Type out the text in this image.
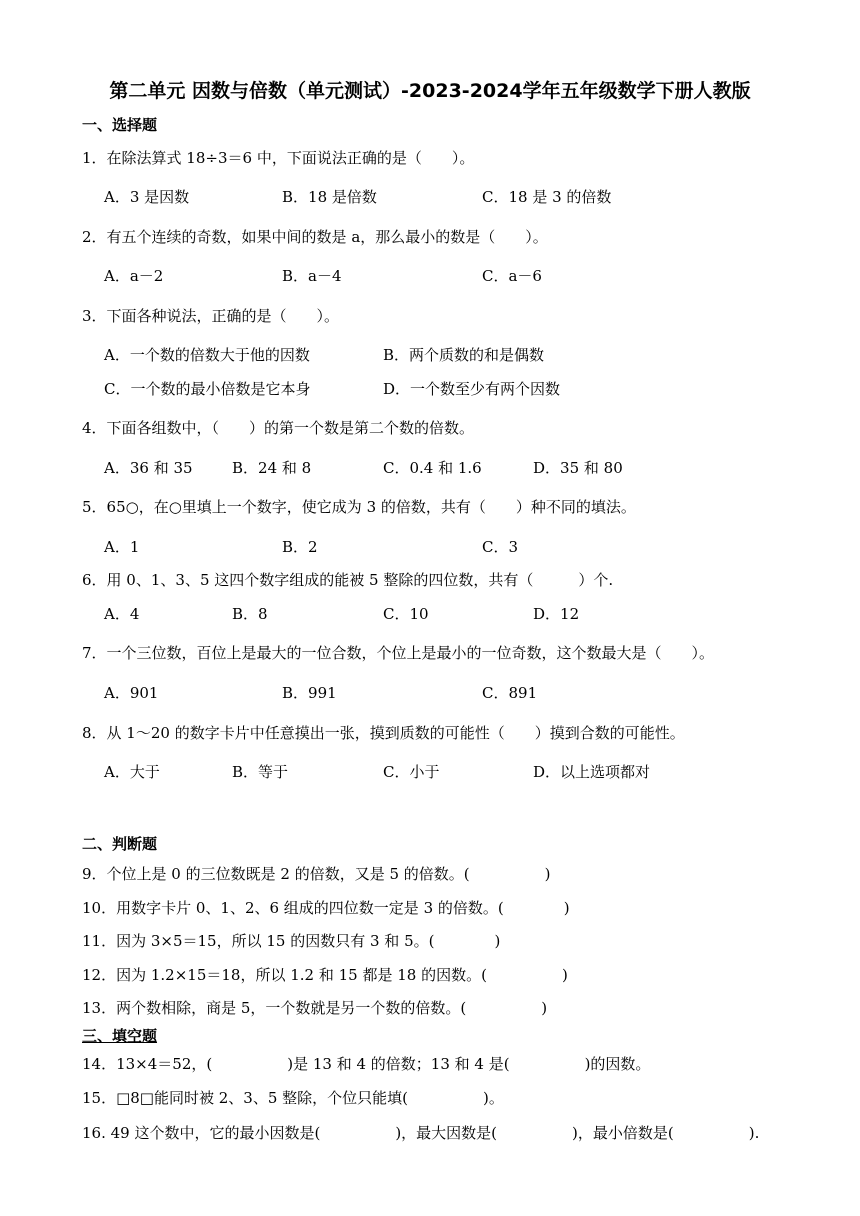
第二单元 因数与倍数（单元测试）-2023-2024学年五年级数学下册人教版
一、选择题
1．在除法算式 18÷3＝6 中，下面说法正确的是（　　）。
A．3 是因数	B．18 是倍数	C．18 是 3 的倍数
2．有五个连续的奇数，如果中间的数是 a，那么最小的数是（　　）。
A．a－2	B．a－4	C．a－6
3．下面各种说法，正确的是（　　）。
A．一个数的倍数大于他的因数	B．两个质数的和是偶数
C．一个数的最小倍数是它本身	D．一个数至少有两个因数
4．下面各组数中，（　　）的第一个数是第二个数的倍数。
A．36 和 35	B．24 和 8	C．0.4 和 1.6	D．35 和 80
5．65○，在○里填上一个数字，使它成为 3 的倍数，共有（　　）种不同的填法。
A．1	B．2	C．3
6．用 0、1、3、5 这四个数字组成的能被 5 整除的四位数，共有（　　　）个.
A．4	B．8	C．10	D．12
7．一个三位数，百位上是最大的一位合数，个位上是最小的一位奇数，这个数最大是（　　）。
A．901	B．991	C．891
8．从 1～20 的数字卡片中任意摸出一张，摸到质数的可能性（　　）摸到合数的可能性。
A．大于	B．等于	C．小于	D．以上选项都对
二、判断题
9．个位上是 0 的三位数既是 2 的倍数，又是 5 的倍数。(　　　　　)
10．用数字卡片 0、1、2、6 组成的四位数一定是 3 的倍数。(　　　　)
11．因为 3×5＝15，所以 15 的因数只有 3 和 5。(　　　　)
12．因为 1.2×15＝18，所以 1.2 和 15 都是 18 的因数。(　　　　　)
13．两个数相除，商是 5，一个数就是另一个数的倍数。(　　　　　)
三、填空题
14．13×4＝52，(　　　　　)是 13 和 4 的倍数；13 和 4 是(　　　　　)的因数。
15．□8□能同时被 2、3、5 整除，个位只能填(　　　　　)。
16. 49 这个数中，它的最小因数是(　　　　　)，最大因数是(　　　　　)，最小倍数是(　　　　　).
